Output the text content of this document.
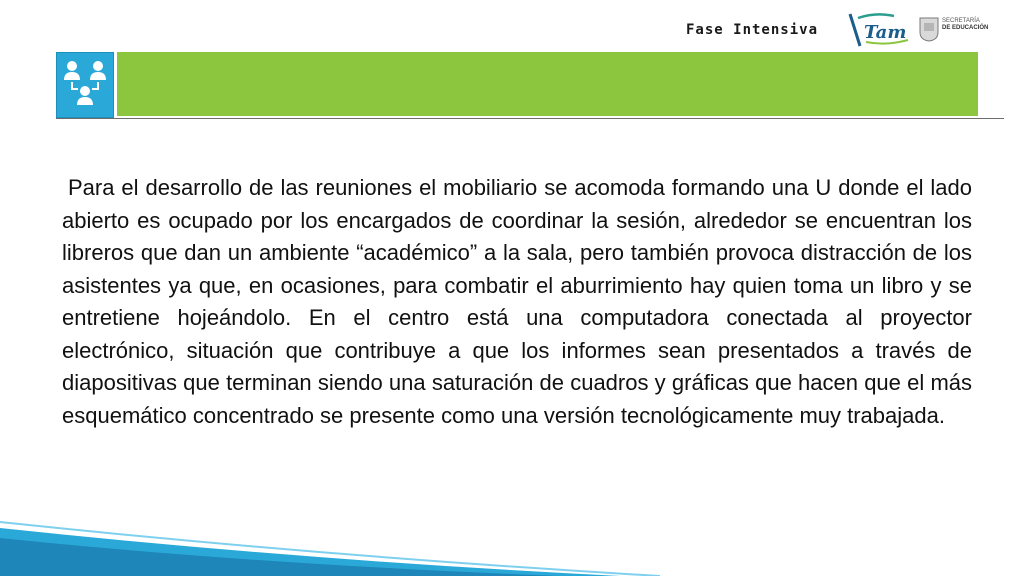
Fase Intensiva	Tam
SECRETARÍA
DE EDUCACIÓN

Para el desarrollo de las reuniones el mobiliario se acomoda formando una U donde el lado abierto es ocupado por los encargados de coordinar la sesión, alrededor se encuentran los libreros que dan un ambiente “académico” a la sala, pero también provoca distracción de los asistentes ya que, en ocasiones, para combatir el aburrimiento hay quien toma un libro y se entretiene hojeándolo. En el centro está una computadora conectada al proyector electrónico, situación que contribuye a que los informes sean presentados a través de diapositivas que terminan siendo una saturación de cuadros y gráficas que hacen que el más esquemático concentrado se presente como una versión tecnológicamente muy trabajada.
